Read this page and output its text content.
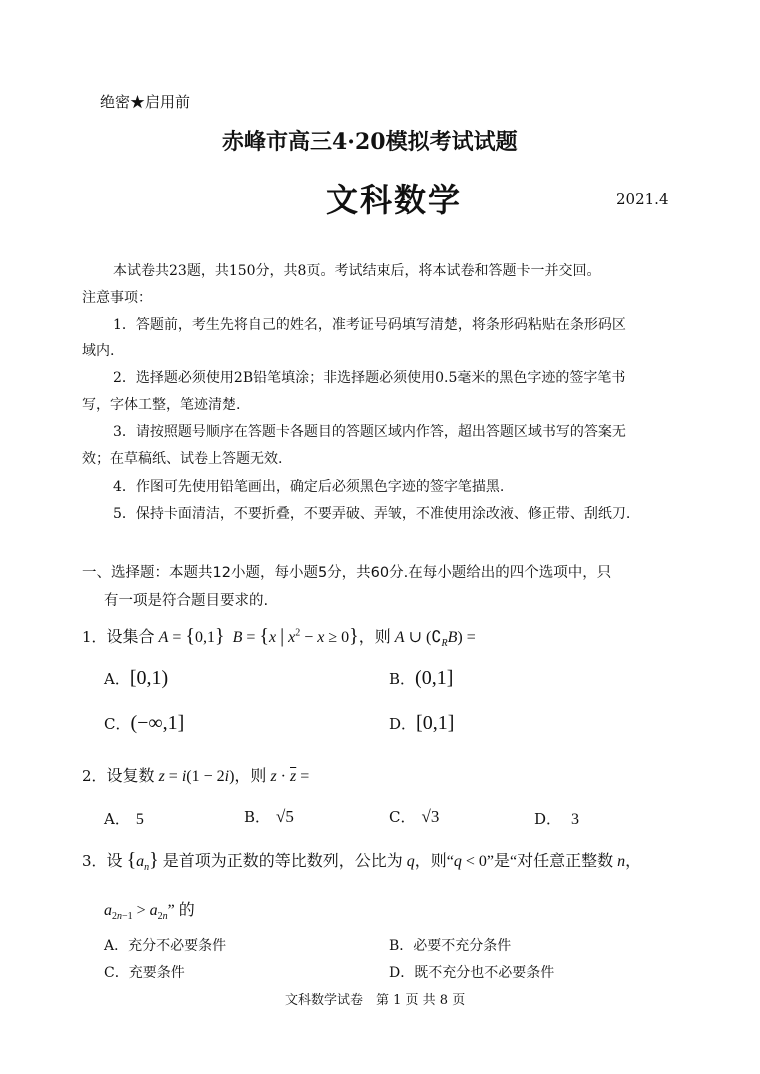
绝密★启用前
赤峰市高三4·20模拟考试试题
文科数学	2021.4
本试卷共23题，共150分，共8页。考试结束后，将本试卷和答题卡一并交回。
注意事项：
1．答题前，考生先将自己的姓名，准考证号码填写清楚，将条形码粘贴在条形码区
域内.
2．选择题必须使用2B铅笔填涂；非选择题必须使用0.5毫米的黑色字迹的签字笔书
写，字体工整，笔迹清楚.
3．请按照题号顺序在答题卡各题目的答题区域内作答，超出答题区域书写的答案无
效；在草稿纸、试卷上答题无效.
4．作图可先使用铅笔画出，确定后必须黑色字迹的签字笔描黑.
5．保持卡面清洁，不要折叠，不要弄破、弄皱，不准使用涂改液、修正带、刮纸刀.
一、选择题：本题共12小题，每小题5分，共60分.在每小题给出的四个选项中，只
有一项是符合题目要求的.
1．设集合 A = {0,1} B = {x | $x^2 - x \ge 0$}，则 A ∪ $(∁_RB)$ =
A．[0,1)	B．(0,1]
C．(−∞,1]	D．[0,1]
2．设复数 z = i(1 − 2i)，则 $z \cdot \overline{z}$ =
A． 5	B． √5	C． √3	D． 3
3．设 $\{a_n\}$ 是首项为正数的等比数列，公比为 q，则“q < 0”是“对任意正整数 n，
$a_{2n-1} > a_{2n}$” 的
A．充分不必要条件	B．必要不充分条件
C．充要条件	D．既不充分也不必要条件
文科数学试卷　第 1 页 共 8 页
